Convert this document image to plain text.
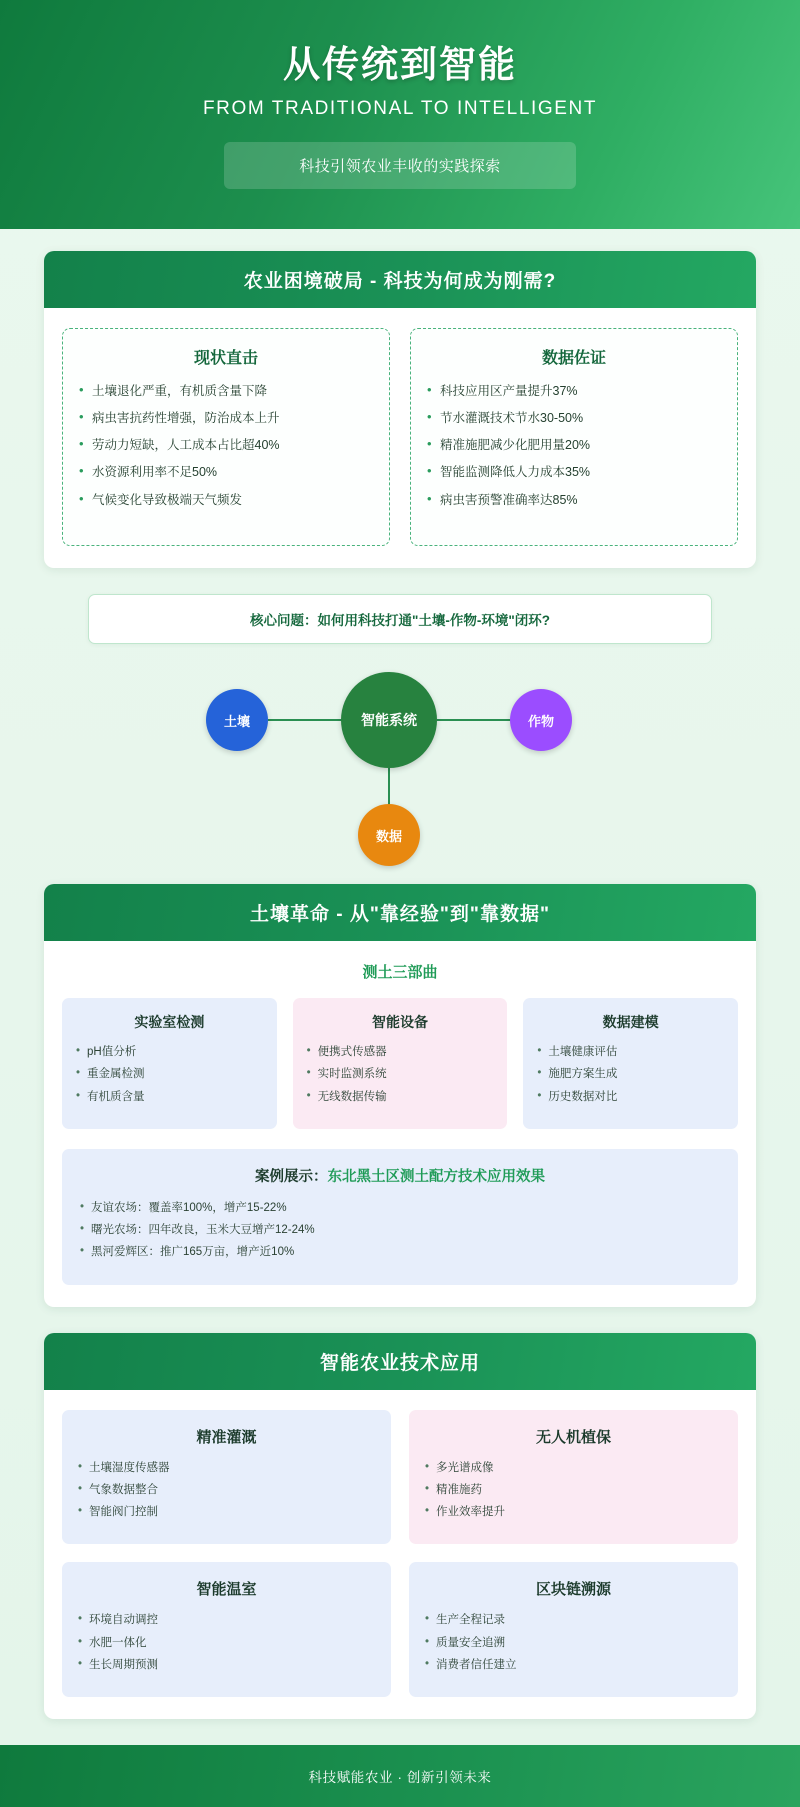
从传统到智能
FROM TRADITIONAL TO INTELLIGENT
科技引领农业丰收的实践探索
农业困境破局 - 科技为何成为刚需?
现状直击
• 土壤退化严重，有机质含量下降
• 病虫害抗药性增强，防治成本上升
• 劳动力短缺，人工成本占比超40%
• 水资源利用率不足50%
• 气候变化导致极端天气频发
数据佐证
• 科技应用区产量提升37%
• 节水灌溉技术节水30-50%
• 精准施肥减少化肥用量20%
• 智能监测降低人力成本35%
• 病虫害预警准确率达85%
核心问题：如何用科技打通"土壤-作物-环境"闭环?
智能系统
土壤	作物
数据
土壤革命 - 从"靠经验"到"靠数据"
测土三部曲
实验室检测
• pH值分析
• 重金属检测
• 有机质含量
智能设备
• 便携式传感器
• 实时监测系统
• 无线数据传输
数据建模
• 土壤健康评估
• 施肥方案生成
• 历史数据对比
案例展示：东北黑土区测土配方技术应用效果
• 友谊农场：覆盖率100%，增产15-22%
• 曙光农场：四年改良，玉米大豆增产12-24%
• 黑河爱辉区：推广165万亩，增产近10%
智能农业技术应用
精准灌溉
• 土壤湿度传感器
• 气象数据整合
• 智能阀门控制
无人机植保
• 多光谱成像
• 精准施药
• 作业效率提升
智能温室
• 环境自动调控
• 水肥一体化
• 生长周期预测
区块链溯源
• 生产全程记录
• 质量安全追溯
• 消费者信任建立
科技赋能农业 · 创新引领未来
